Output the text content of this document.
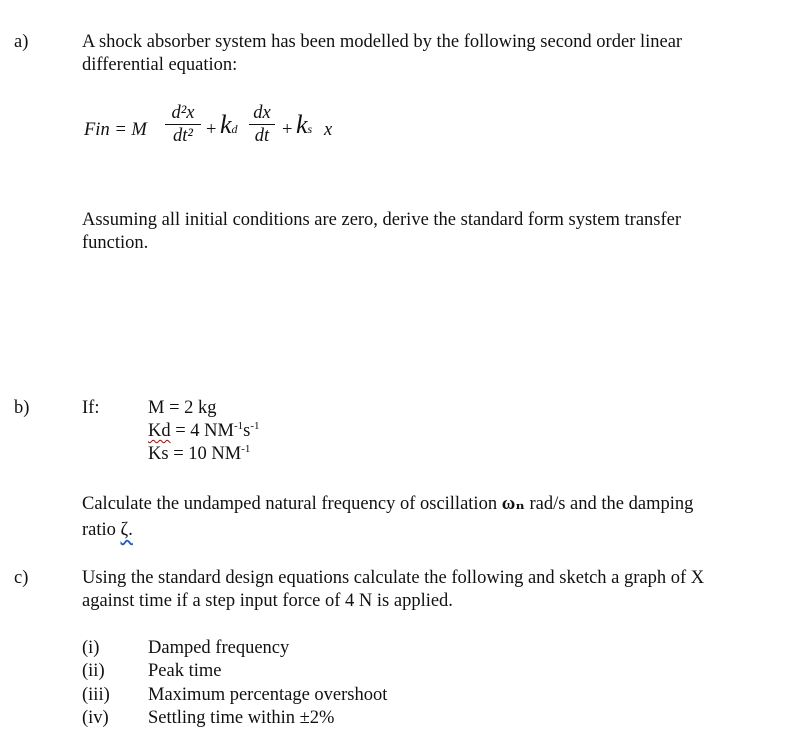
a)	A shock absorber system has been modelled by the following second order linear
differential equation:
Fin = M
d²x
dt² + kd
dx
dt + ks x
Assuming all initial conditions are zero, derive the standard form system transfer
function.
b)	If:	M = 2 kg
Kd = 4 $NM^{-1}s^{-1}$
Ks = 10 $NM^{-1}$
Calculate the undamped natural frequency of oscillation ωₙ rad/s and the damping
ratio ζ.
c)	Using the standard design equations calculate the following and sketch a graph of X
against time if a step input force of 4 N is applied.
(i)	Damped frequency
(ii) Peak time
(iii) Maximum percentage overshoot
(iv) Settling time within ±2%
